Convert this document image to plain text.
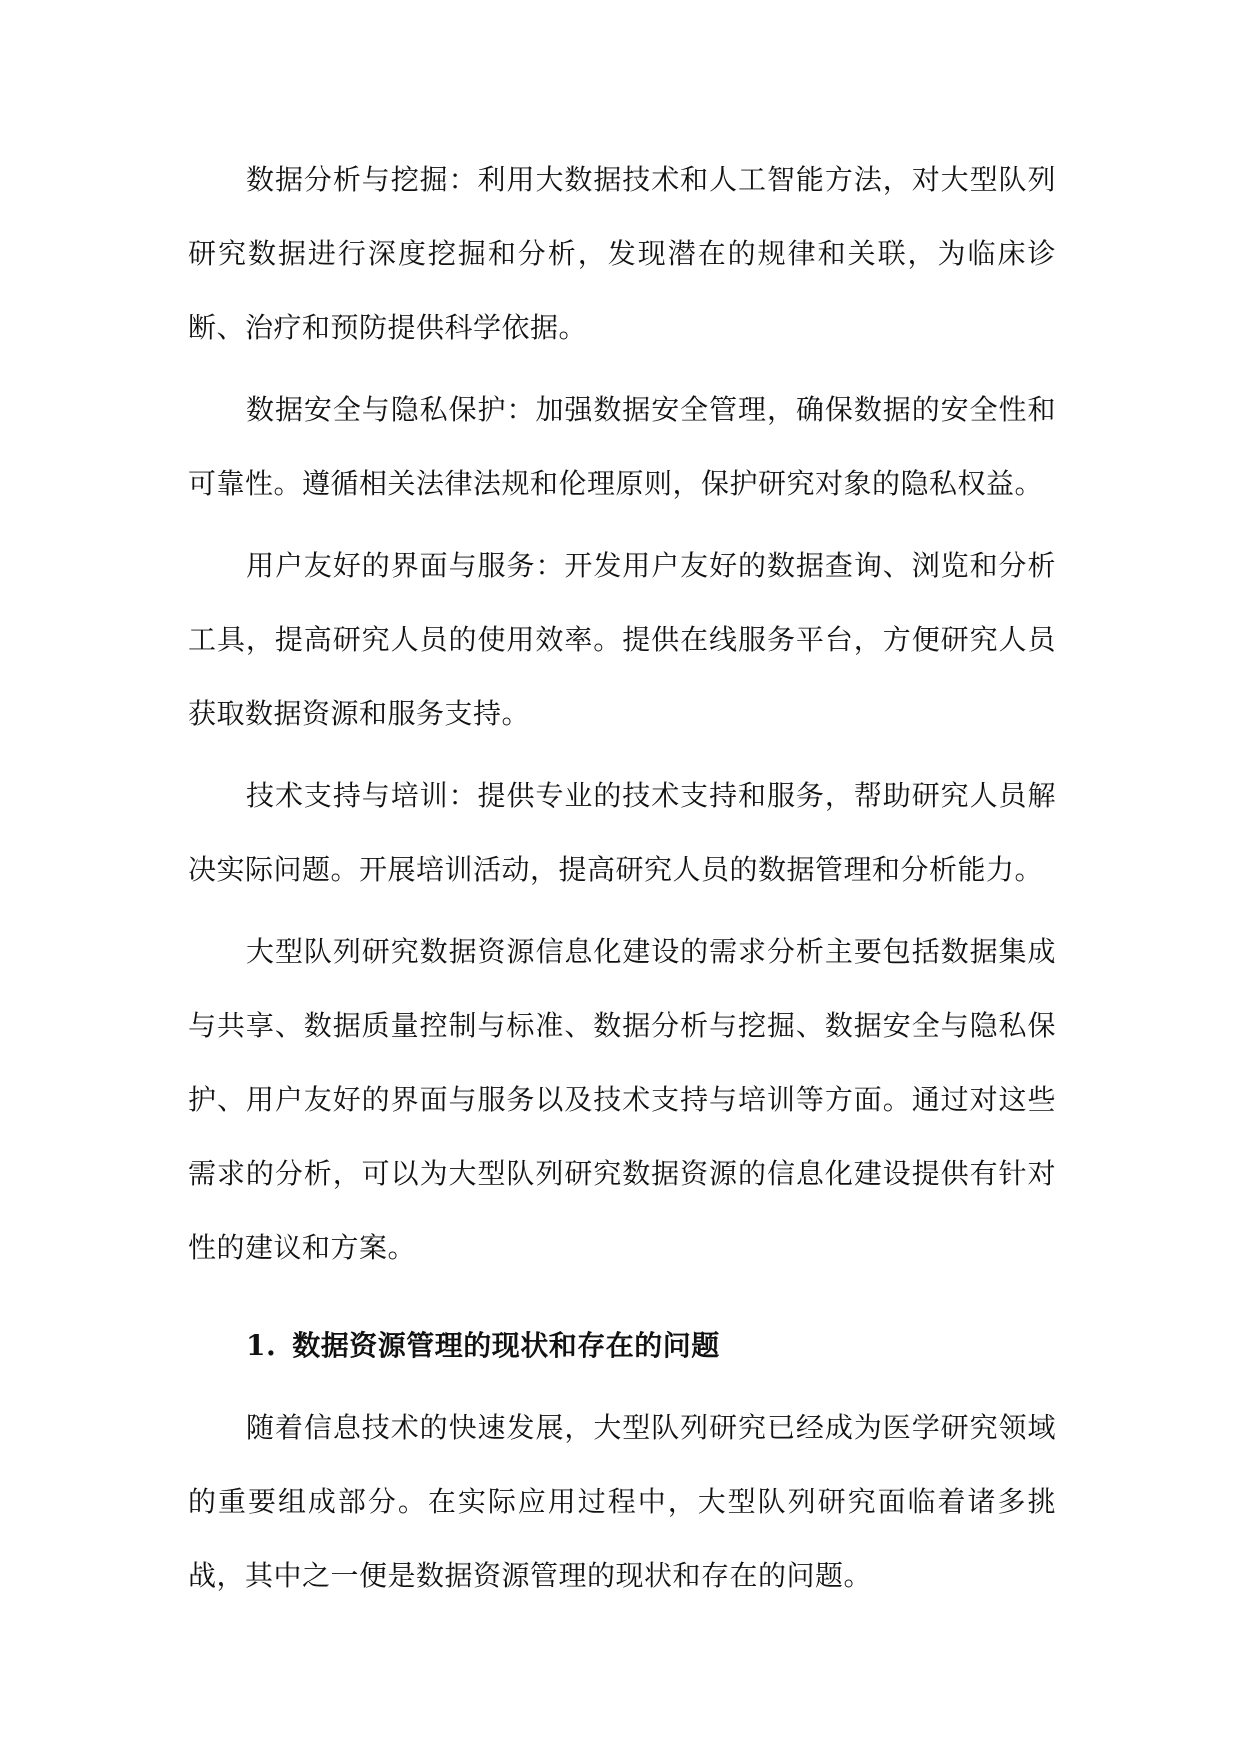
数据分析与挖掘：利用大数据技术和人工智能方法，对大型队列研究数据进行深度挖掘和分析，发现潜在的规律和关联，为临床诊断、治疗和预防提供科学依据。

数据安全与隐私保护：加强数据安全管理，确保数据的安全性和可靠性。遵循相关法律法规和伦理原则，保护研究对象的隐私权益。

用户友好的界面与服务：开发用户友好的数据查询、浏览和分析工具，提高研究人员的使用效率。提供在线服务平台，方便研究人员获取数据资源和服务支持。

技术支持与培训：提供专业的技术支持和服务，帮助研究人员解决实际问题。开展培训活动，提高研究人员的数据管理和分析能力。

大型队列研究数据资源信息化建设的需求分析主要包括数据集成与共享、数据质量控制与标准、数据分析与挖掘、数据安全与隐私保护、用户友好的界面与服务以及技术支持与培训等方面。通过对这些需求的分析，可以为大型队列研究数据资源的信息化建设提供有针对性的建议和方案。

1. 数据资源管理的现状和存在的问题

随着信息技术的快速发展，大型队列研究已经成为医学研究领域的重要组成部分。在实际应用过程中，大型队列研究面临着诸多挑战，其中之一便是数据资源管理的现状和存在的问题。
